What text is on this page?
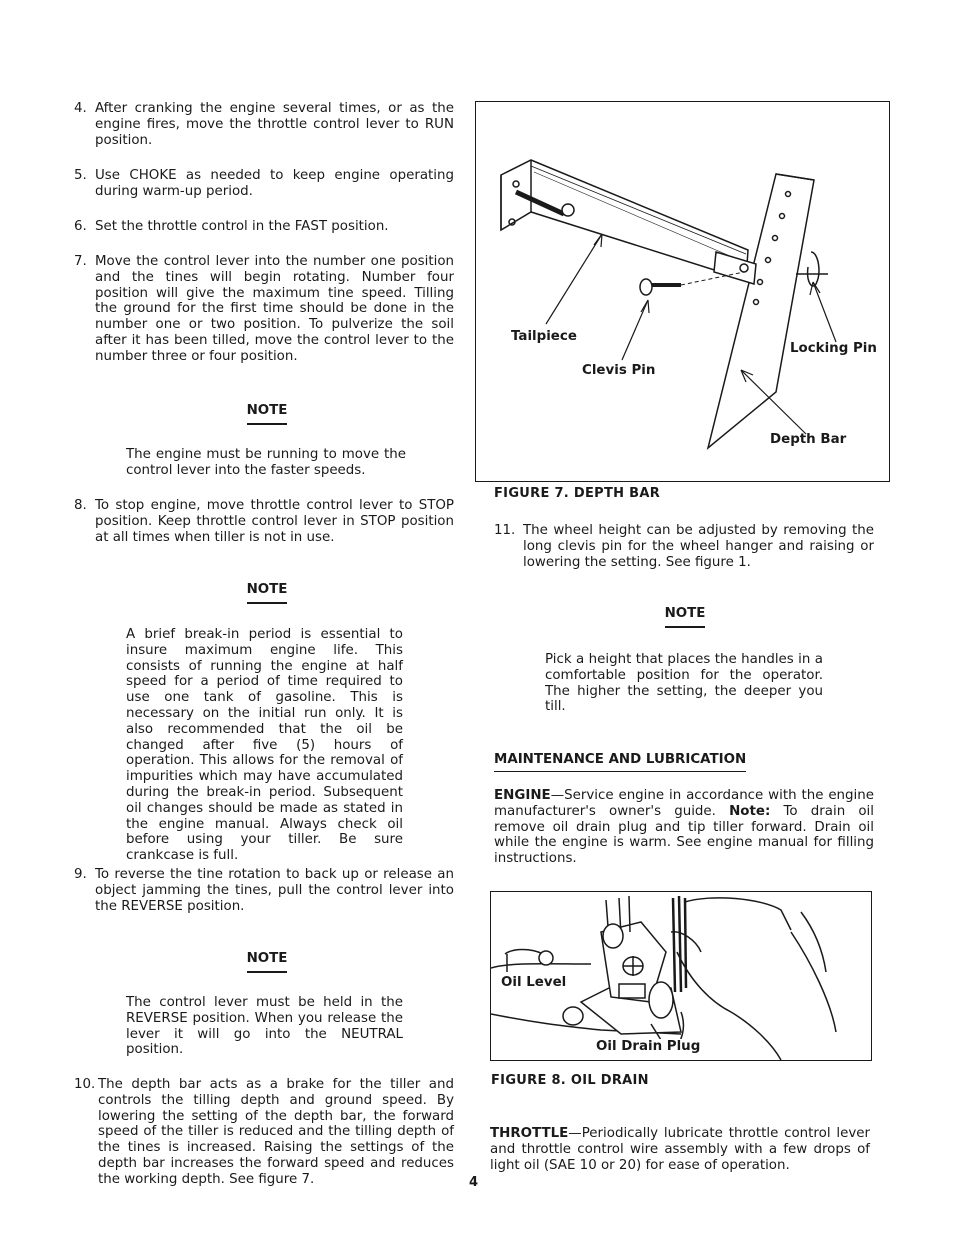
4. After cranking the engine several times, or as the engine fires, move the throttle control lever to RUN position.
5. Use CHOKE as needed to keep engine operating during warm-up period.
6. Set the throttle control in the FAST position.
7. Move the control lever into the number one position and the tines will begin rotating. Number four position will give the maximum tine speed. Tilling the ground for the first time should be done in the number one or two position. To pulverize the soil after it has been tilled, move the control lever to the number three or four position.
NOTE
The engine must be running to move the control lever into the faster speeds.
8. To stop engine, move throttle control lever to STOP position. Keep throttle control lever in STOP position at all times when tiller is not in use.
NOTE
A brief break-in period is essential to insure maximum engine life. This consists of running the engine at half speed for a period of time required to use one tank of gasoline. This is necessary on the initial run only. It is also recommended that the oil be changed after five (5) hours of operation. This allows for the removal of impurities which may have accumulated during the break-in period. Subsequent oil changes should be made as stated in the engine manual. Always check oil before using your tiller. Be sure crankcase is full.
9. To reverse the tine rotation to back up or release an object jamming the tines, pull the control lever into the REVERSE position.
NOTE
The control lever must be held in the REVERSE position. When you release the lever it will go into the NEUTRAL position.
10. The depth bar acts as a brake for the tiller and controls the tilling depth and ground speed. By lowering the setting of the depth bar, the forward speed of the tiller is reduced and the tilling depth of the tines is increased. Raising the settings of the depth bar increases the forward speed and reduces the working depth. See figure 7.
Tailpiece
Clevis Pin
Locking Pin
Depth Bar
FIGURE 7. DEPTH BAR
11. The wheel height can be adjusted by removing the long clevis pin for the wheel hanger and raising or lowering the setting. See figure 1.
NOTE
Pick a height that places the handles in a comfortable position for the operator. The higher the setting, the deeper you till.
MAINTENANCE AND LUBRICATION
ENGINE—Service engine in accordance with the engine manufacturer's owner's guide. Note: To drain oil remove oil drain plug and tip tiller forward. Drain oil while the engine is warm. See engine manual for filling instructions.
Oil Level
Oil Drain Plug
FIGURE 8. OIL DRAIN
THROTTLE—Periodically lubricate throttle control lever and throttle control wire assembly with a few drops of light oil (SAE 10 or 20) for ease of operation.
4
